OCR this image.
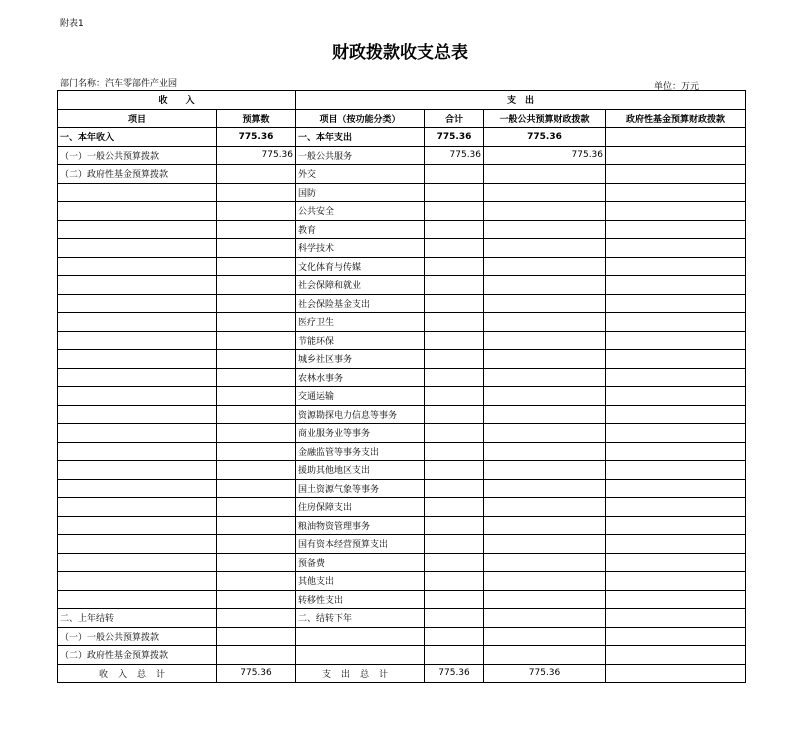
附表1
财政拨款收支总表
部门名称：汽车零部件产业园	单位：万元
收　　入		支　出			
项目	预算数	项目（按功能分类）	合计	一般公共预算财政拨款	政府性基金预算财政拨款
一、本年收入	775.36	一、本年支出	775.36	775.36	
（一）一般公共预算拨款	775.36	一般公共服务	775.36	775.36	
（二）政府性基金预算拨款		外交			
		国防			
		公共安全			
		教育			
		科学技术			
		文化体育与传媒			
		社会保障和就业			
		社会保险基金支出			
		医疗卫生			
		节能环保			
		城乡社区事务			
		农林水事务			
		交通运输			
		资源勘探电力信息等事务			
		商业服务业等事务			
		金融监管等事务支出			
		援助其他地区支出			
		国土资源气象等事务			
		住房保障支出			
		粮油物资管理事务			
		国有资本经营预算支出			
		预备费			
		其他支出			
		转移性支出			
二、上年结转		二、结转下年			
（一）一般公共预算拨款					
（二）政府性基金预算拨款					
收入总计	775.36	支出总计	775.36	775.36	
